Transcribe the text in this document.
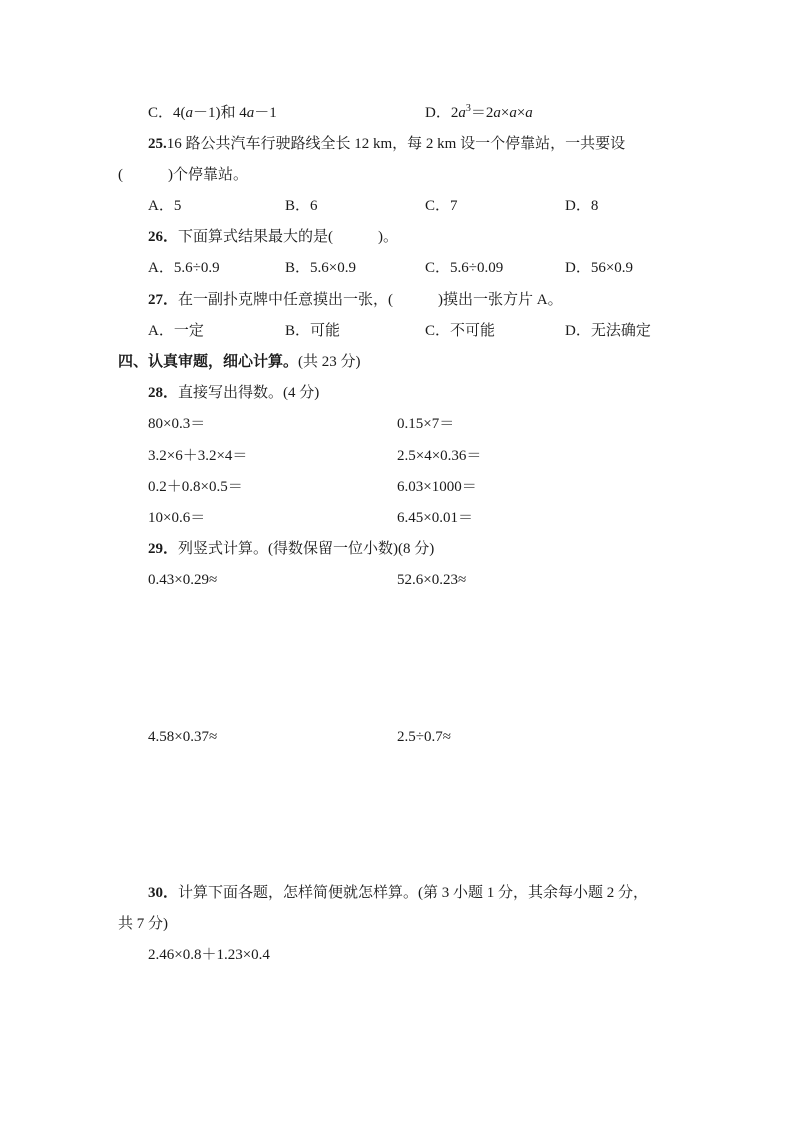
C．4(a－1)和 4a－1	D．$2a^3=2a\times a\times a$
25.16 路公共汽车行驶路线全长 12 km，每 2 km 设一个停靠站，一共要设
(　　　)个停靠站。
A．5	B．6	C．7	D．8
26．下面算式结果最大的是(　　　)。
A．5.6÷0.9	B．5.6×0.9	C．5.6÷0.09	D．56×0.9
27．在一副扑克牌中任意摸出一张，(　　　)摸出一张方片 A。
A．一定	B．可能	C．不可能	D．无法确定
四、认真审题，细心计算。(共 23 分)
28．直接写出得数。(4 分)
80×0.3＝	0.15×7＝
3.2×6＋3.2×4＝	2.5×4×0.36＝
0.2＋0.8×0.5＝	6.03×1000＝
10×0.6＝	6.45×0.01＝
29．列竖式计算。(得数保留一位小数)(8 分)
0.43×0.29≈	52.6×0.23≈
4.58×0.37≈	2.5÷0.7≈
30．计算下面各题，怎样简便就怎样算。(第 3 小题 1 分，其余每小题 2 分，
共 7 分)
2.46×0.8＋1.23×0.4
